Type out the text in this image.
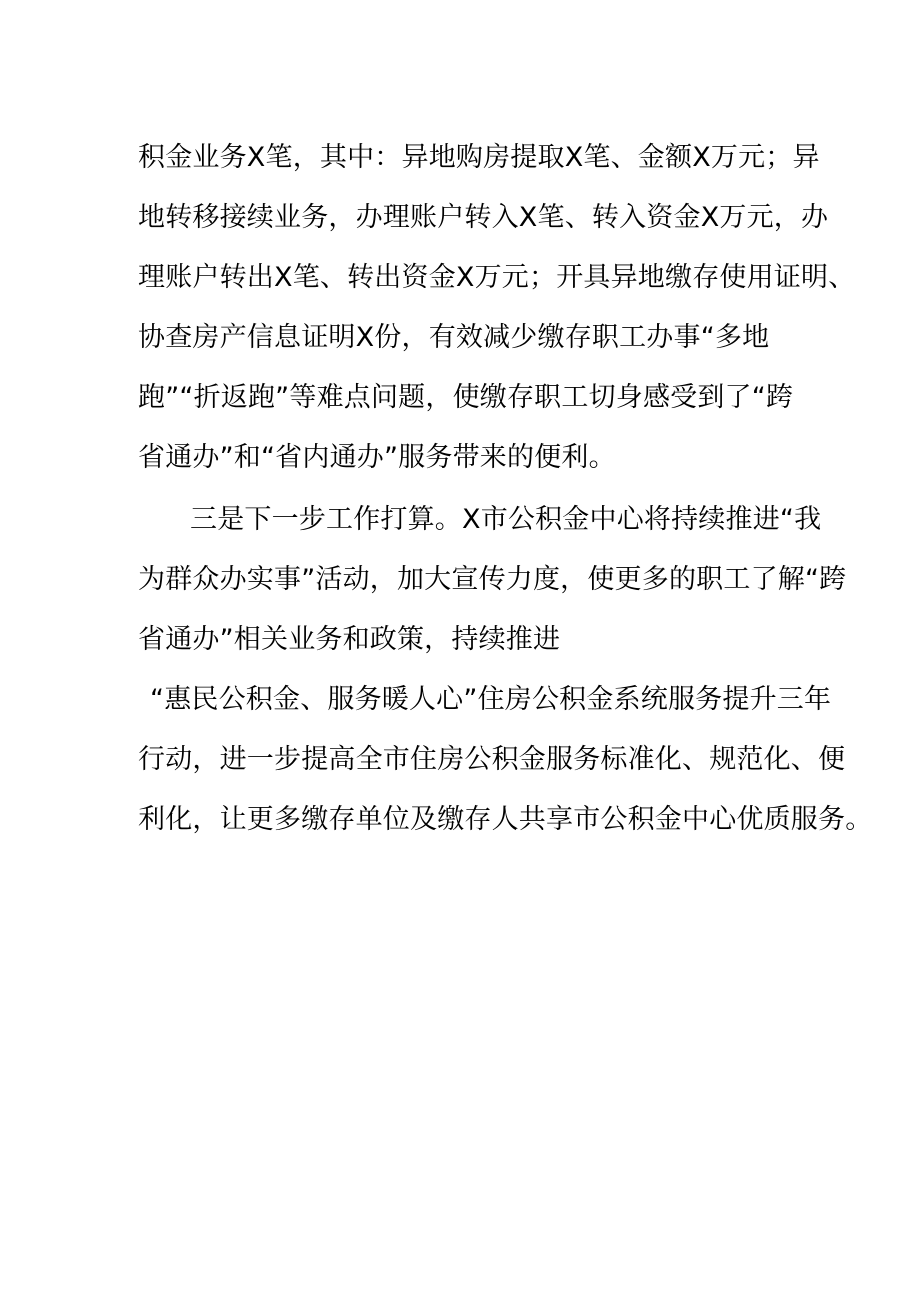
积金业务X笔，其中：异地购房提取X笔、金额X万元；异
地转移接续业务，办理账户转入X笔、转入资金X万元，办
理账户转出X笔、转出资金X万元；开具异地缴存使用证明、
协查房产信息证明X份，有效减少缴存职工办事“多地
跑”“折返跑”等难点问题，使缴存职工切身感受到了“跨
省通办”和“省内通办”服务带来的便利。
三是下一步工作打算。X市公积金中心将持续推进“我
为群众办实事”活动，加大宣传力度，使更多的职工了解“跨
省通办”相关业务和政策，持续推进
“惠民公积金、服务暖人心”住房公积金系统服务提升三年
行动，进一步提高全市住房公积金服务标准化、规范化、便
利化，让更多缴存单位及缴存人共享市公积金中心优质服务。
